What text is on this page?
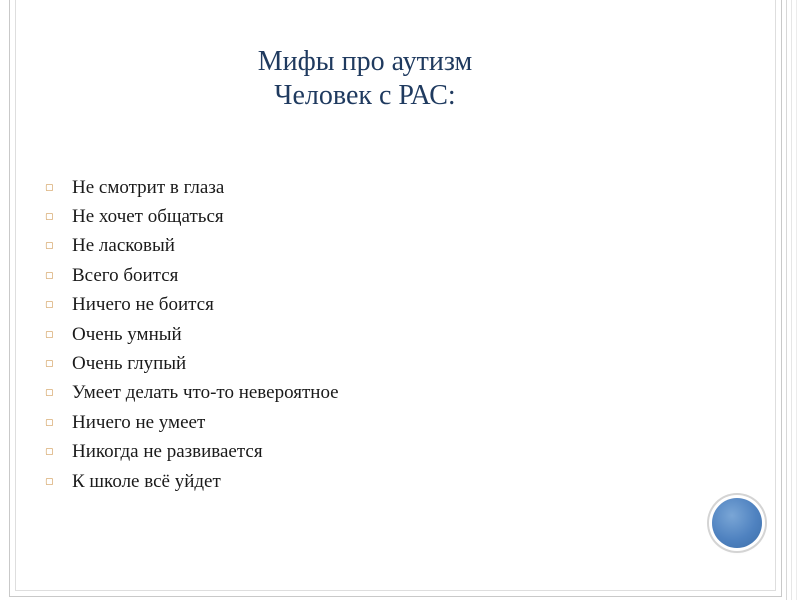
Мифы про аутизм
Человек с РАС:
▢ Не смотрит в глаза
▢ Не хочет общаться
▢ Не ласковый
▢ Всего боится
▢ Ничего не боится
▢ Очень умный
▢ Очень глупый
▢ Умеет делать что-то невероятное
▢ Ничего не умеет
▢ Никогда не развивается
▢ К школе всё уйдет
